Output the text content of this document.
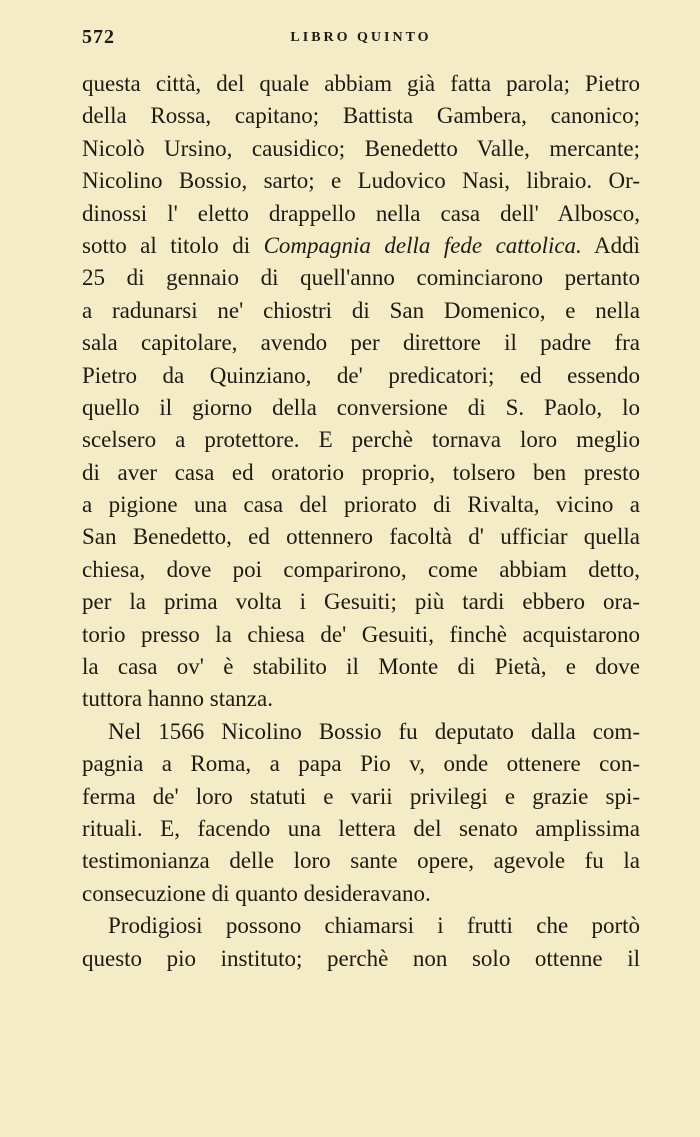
572	LIBRO QUINTO
questa città, del quale abbiam già fatta parola; Pietro
della Rossa, capitano; Battista Gambera, canonico;
Nicolò Ursino, causidico; Benedetto Valle, mercante;
Nicolino Bossio, sarto; e Ludovico Nasi, libraio. Or-
dinossi l' eletto drappello nella casa dell' Albosco,
sotto al titolo di Compagnia della fede cattolica. Addì
25 di gennaio di quell'anno cominciarono pertanto
a radunarsi ne' chiostri di San Domenico, e nella
sala capitolare, avendo per direttore il padre fra
Pietro da Quinziano, de' predicatori; ed essendo
quello il giorno della conversione di S. Paolo, lo
scelsero a protettore. E perchè tornava loro meglio
di aver casa ed oratorio proprio, tolsero ben presto
a pigione una casa del priorato di Rivalta, vicino a
San Benedetto, ed ottennero facoltà d' ufficiar quella
chiesa, dove poi comparirono, come abbiam detto,
per la prima volta i Gesuiti; più tardi ebbero ora-
torio presso la chiesa de' Gesuiti, finchè acquistarono
la casa ov' è stabilito il Monte di Pietà, e dove
tuttora hanno stanza.
Nel 1566 Nicolino Bossio fu deputato dalla com-
pagnia a Roma, a papa Pio v, onde ottenere con-
ferma de' loro statuti e varii privilegi e grazie spi-
rituali. E, facendo una lettera del senato amplissima
testimonianza delle loro sante opere, agevole fu la
consecuzione di quanto desideravano.
Prodigiosi possono chiamarsi i frutti che portò
questo pio instituto; perchè non solo ottenne il
